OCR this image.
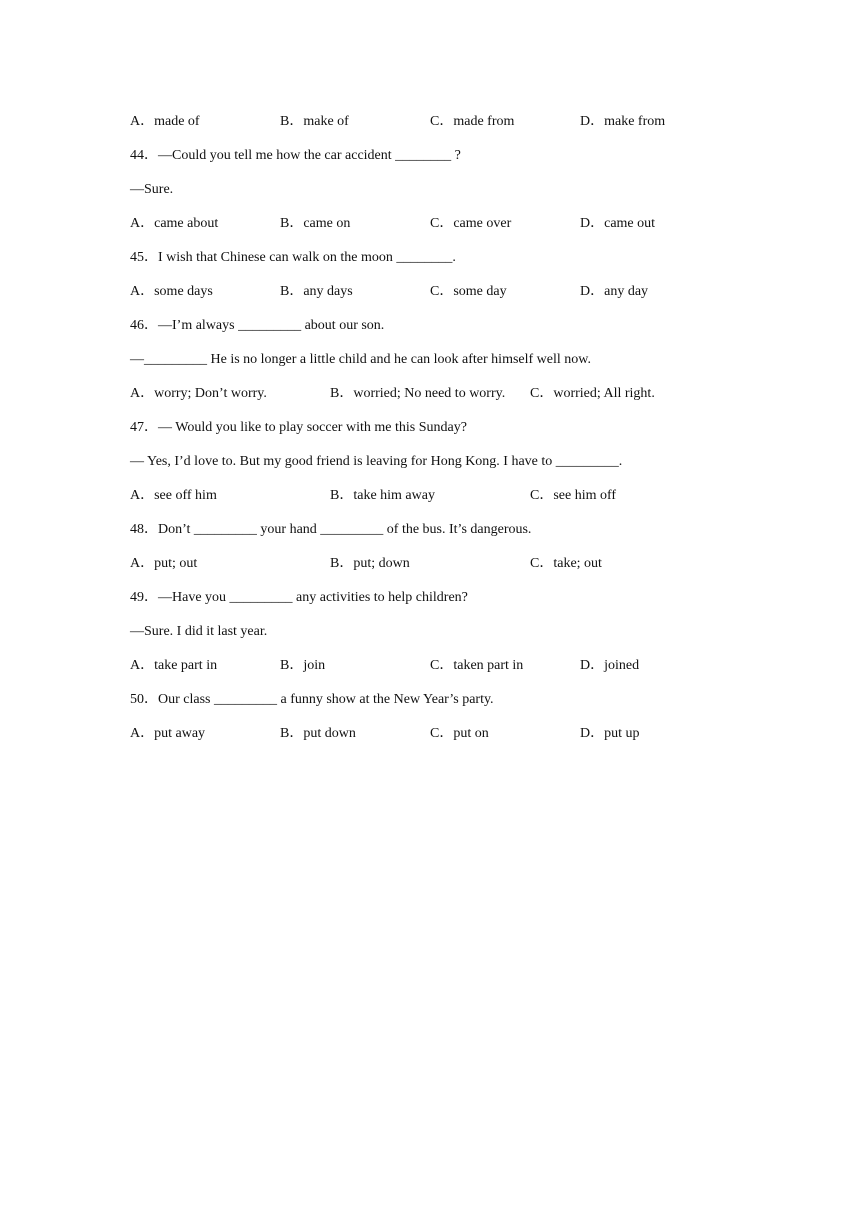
A．made of	B．make of	C．made from	D．make from
44．—Could you tell me how the car accident ________ ?
—Sure.
A．came about	B．came on	C．came over	D．came out
45．I wish that Chinese can walk on the moon ________.
A．some days	B．any days	C．some day	D．any day
46．—I’m always _________ about our son.
—_________ He is no longer a little child and he can look after himself well now.
A．worry; Don’t worry.	B．worried; No need to worry. C．worried; All right.
47．— Would you like to play soccer with me this Sunday?
— Yes, I’d love to. But my good friend is leaving for Hong Kong. I have to _________.
A．see off him	B．take him away	C．see him off
48．Don’t _________ your hand _________ of the bus. It’s dangerous.
A．put; out	B．put; down	C．take; out
49．—Have you _________ any activities to help children?
—Sure. I did it last year.
A．take part in	B．join	C．taken part in	D．joined
50．Our class _________ a funny show at the New Year’s party.
A．put away	B．put down	C．put on	D．put up
